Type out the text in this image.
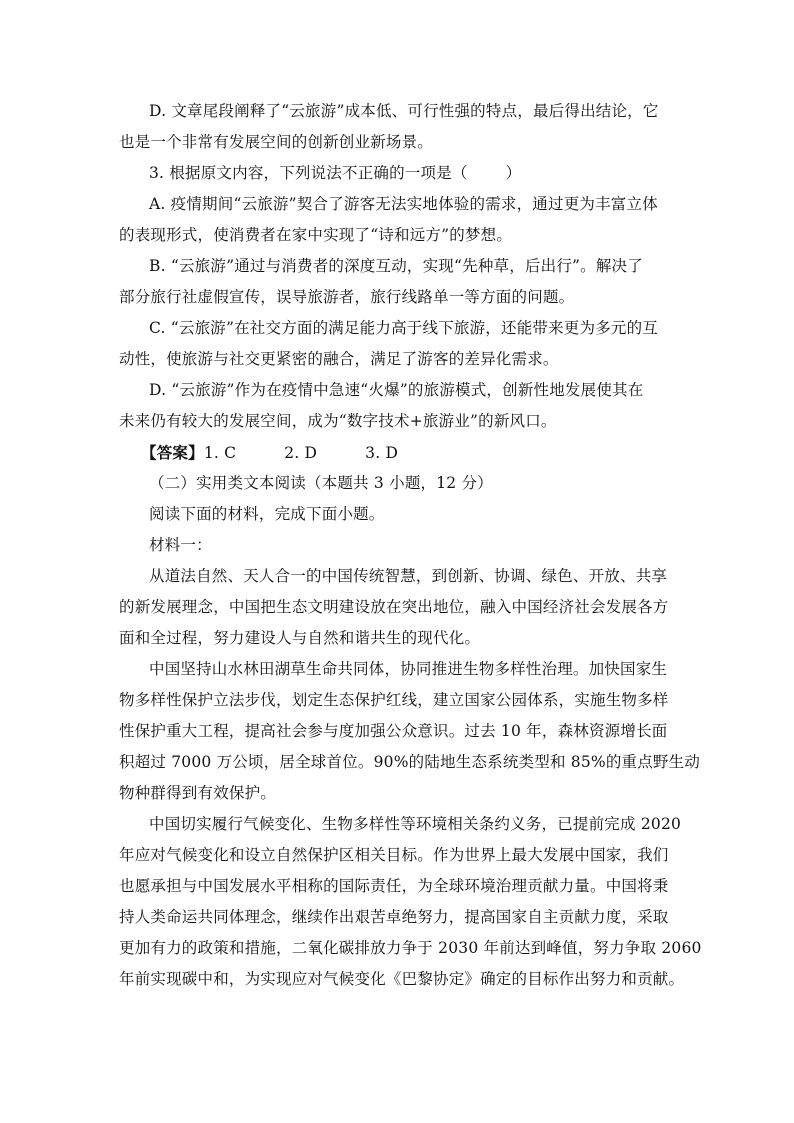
D. 文章尾段阐释了“云旅游”成本低、可行性强的特点，最后得出结论，它
也是一个非常有发展空间的创新创业新场景。
3. 根据原文内容，下列说法不正确的一项是（ ）
A. 疫情期间“云旅游”契合了游客无法实地体验的需求，通过更为丰富立体
的表现形式，使消费者在家中实现了“诗和远方”的梦想。
B. “云旅游”通过与消费者的深度互动，实现“先种草，后出行”。解决了
部分旅行社虚假宣传，误导旅游者，旅行线路单一等方面的问题。
C. “云旅游”在社交方面的满足能力高于线下旅游，还能带来更为多元的互
动性，使旅游与社交更紧密的融合，满足了游客的差异化需求。
D. “云旅游”作为在疫情中急速“火爆”的旅游模式，创新性地发展使其在
未来仍有较大的发展空间，成为“数字技术+旅游业”的新风口。
【答案】1. C	2. D	3. D
（二）实用类文本阅读（本题共 3 小题，12 分）
阅读下面的材料，完成下面小题。
材料一：
从道法自然、天人合一的中国传统智慧，到创新、协调、绿色、开放、共享
的新发展理念，中国把生态文明建设放在突出地位，融入中国经济社会发展各方
面和全过程，努力建设人与自然和谐共生的现代化。
中国坚持山水林田湖草生命共同体，协同推进生物多样性治理。加快国家生
物多样性保护立法步伐，划定生态保护红线，建立国家公园体系，实施生物多样
性保护重大工程，提高社会参与度加强公众意识。过去 10 年，森林资源增长面
积超过 7000 万公顷，居全球首位。90%的陆地生态系统类型和 85%的重点野生动
物种群得到有效保护。
中国切实履行气候变化、生物多样性等环境相关条约义务，已提前完成 2020
年应对气候变化和设立自然保护区相关目标。作为世界上最大发展中国家，我们
也愿承担与中国发展水平相称的国际责任，为全球环境治理贡献力量。中国将秉
持人类命运共同体理念，继续作出艰苦卓绝努力，提高国家自主贡献力度，采取
更加有力的政策和措施，二氧化碳排放力争于 2030 年前达到峰值，努力争取 2060
年前实现碳中和，为实现应对气候变化《巴黎协定》确定的目标作出努力和贡献。
